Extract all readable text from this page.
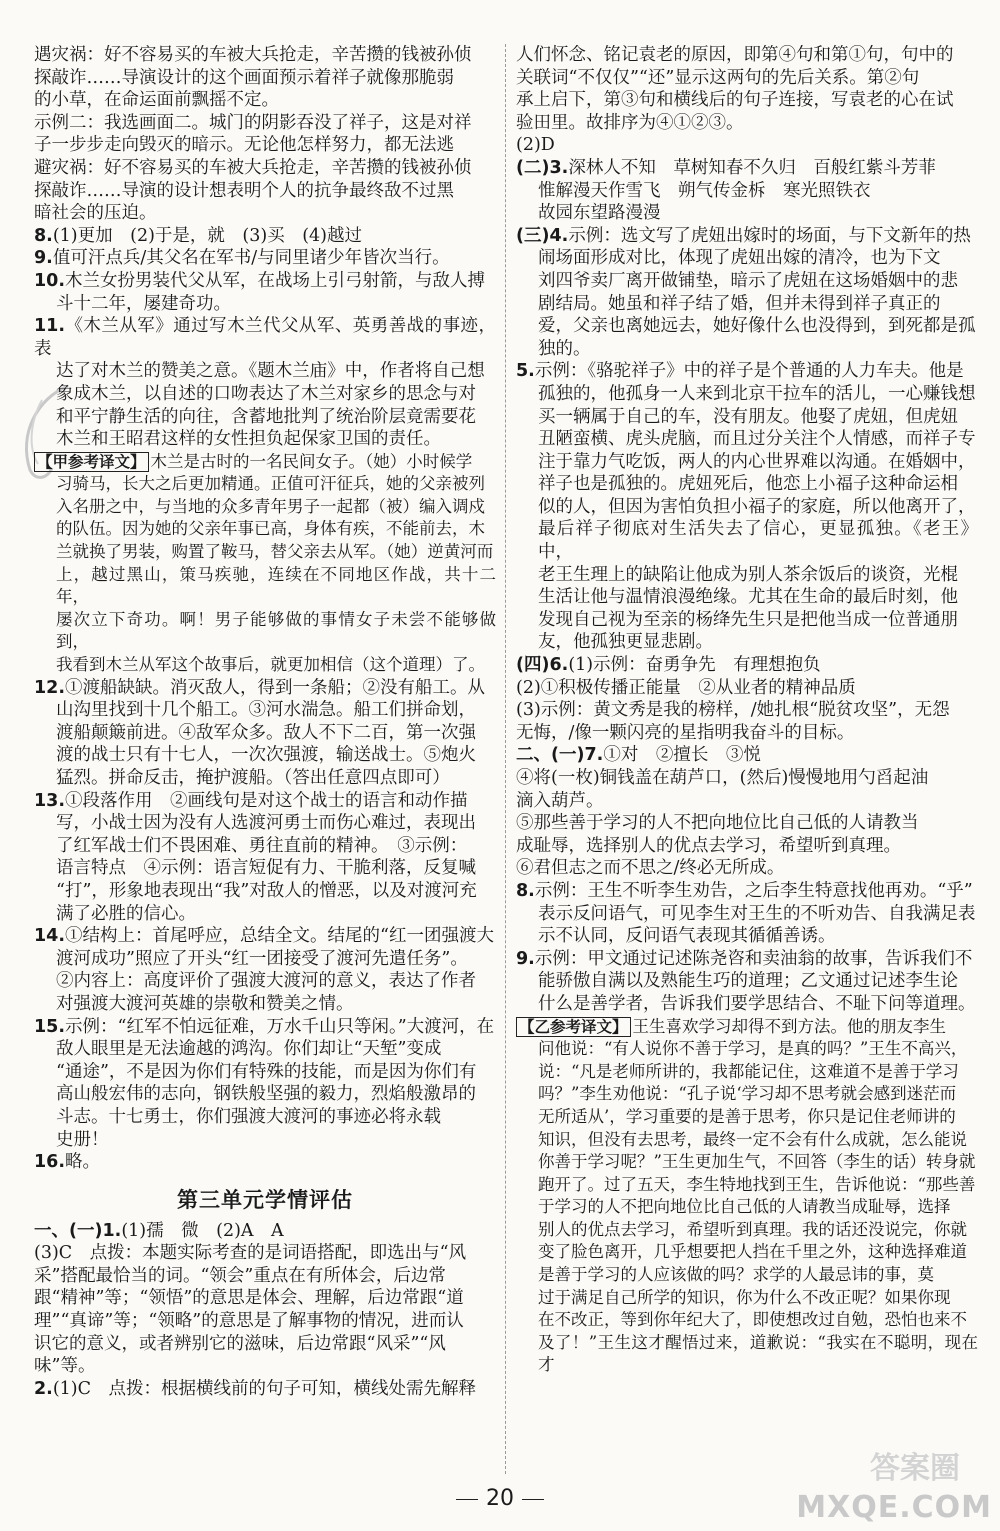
遇灾祸：好不容易买的车被大兵抢走，辛苦攒的钱被孙侦
探敲诈……导演设计的这个画面预示着祥子就像那脆弱
的小草，在命运面前飘摇不定。
示例二：我选画面二。城门的阴影吞没了祥子，这是对祥
子一步步走向毁灭的暗示。无论他怎样努力，都无法逃
避灾祸：好不容易买的车被大兵抢走，辛苦攒的钱被孙侦
探敲诈……导演的设计想表明个人的抗争最终敌不过黑
暗社会的压迫。
8.(1)更加　(2)于是，就　(3)买　(4)越过
9.值可汗点兵/其父名在军书/与同里诸少年皆次当行。
10.木兰女扮男装代父从军，在战场上引弓射箭，与敌人搏
斗十二年，屡建奇功。
11.《木兰从军》通过写木兰代父从军、英勇善战的事迹，表
达了对木兰的赞美之意。《题木兰庙》中，作者将自己想
象成木兰，以自述的口吻表达了木兰对家乡的思念与对
和平宁静生活的向往，含蓄地批判了统治阶层竟需要花
木兰和王昭君这样的女性担负起保家卫国的责任。
【甲参考译文】 木兰是古时的一名民间女子。（她）小时候学
习骑马，长大之后更加精通。正值可汗征兵，她的父亲被列
入名册之中，与当地的众多青年男子一起都（被）编入调戍
的队伍。因为她的父亲年事已高，身体有疾，不能前去，木
兰就换了男装，购置了鞍马，替父亲去从军。（她）逆黄河而
上，越过黑山，策马疾驰，连续在不同地区作战，共十二年，
屡次立下奇功。啊！男子能够做的事情女子未尝不能够做到，
我看到木兰从军这个故事后，就更加相信（这个道理）了。
12.①渡船缺缺。消灭敌人，得到一条船；②没有船工。从
山沟里找到十几个船工。③河水湍急。船工们拼命划，
渡船颠簸前进。④敌军众多。敌人不下二百，第一次强
渡的战士只有十七人，一次次强渡，输送战士。⑤炮火
猛烈。拼命反击，掩护渡船。（答出任意四点即可）
13.①段落作用　②画线句是对这个战士的语言和动作描
写，小战士因为没有人选渡河勇士而伤心难过，表现出
了红军战士们不畏困难、勇往直前的精神。　③示例：
语言特点　④示例：语言短促有力、干脆利落，反复喊
“打”，形象地表现出“我”对敌人的憎恶，以及对渡河充
满了必胜的信心。
14.①结构上：首尾呼应，总结全文。结尾的“红一团强渡大
渡河成功”照应了开头“红一团接受了渡河先遣任务”。
②内容上：高度评价了强渡大渡河的意义，表达了作者
对强渡大渡河英雄的崇敬和赞美之情。
15.示例：“红军不怕远征难，万水千山只等闲。”大渡河，在
敌人眼里是无法逾越的鸿沟。你们却让“天堑”变成
“通途”，不是因为你们有特殊的技能，而是因为你们有
高山般宏伟的志向，钢铁般坚强的毅力，烈焰般激昂的
斗志。十七勇士，你们强渡大渡河的事迹必将永载
史册！
16.略。
第三单元学情评估
一、(一)1.(1)孺　微　(2)A　A
(3)C　点拨：本题实际考查的是词语搭配，即选出与“风
采”搭配最恰当的词。“领会”重点在有所体会，后边常
跟“精神”等；“领悟”的意思是体会、理解，后边常跟“道
理”“真谛”等；“领略”的意思是了解事物的情况，进而认
识它的意义，或者辨别它的滋味，后边常跟“风采”“风
味”等。
2.(1)C　点拨：根据横线前的句子可知，横线处需先解释
人们怀念、铭记袁老的原因，即第④句和第①句，句中的
关联词“不仅仅”“还”显示这两句的先后关系。第②句
承上启下，第③句和横线后的句子连接，写袁老的心在试
验田里。故排序为④①②③。
(2)D
(二)3.深林人不知　草树知春不久归　百般红紫斗芳菲
惟解漫天作雪飞　朔气传金柝　寒光照铁衣
故园东望路漫漫
(三)4.示例：选文写了虎妞出嫁时的场面，与下文新年的热
闹场面形成对比，体现了虎妞出嫁的清冷，也为下文
刘四爷卖厂离开做铺垫，暗示了虎妞在这场婚姻中的悲
剧结局。她虽和祥子结了婚，但并未得到祥子真正的
爱，父亲也离她远去，她好像什么也没得到，到死都是孤
独的。
5.示例：《骆驼祥子》中的祥子是个普通的人力车夫。他是
孤独的，他孤身一人来到北京干拉车的活儿，一心赚钱想
买一辆属于自己的车，没有朋友。他娶了虎妞，但虎妞
丑陋蛮横、虎头虎脑，而且过分关注个人情感，而祥子专
注于靠力气吃饭，两人的内心世界难以沟通。在婚姻中，
祥子也是孤独的。虎妞死后，他恋上小福子这种命运相
似的人，但因为害怕负担小福子的家庭，所以他离开了，
最后祥子彻底对生活失去了信心，更显孤独。《老王》中，
老王生理上的缺陷让他成为别人茶余饭后的谈资，光棍
生活让他与温情浪漫绝缘。尤其在生命的最后时刻，他
发现自己视为至亲的杨绛先生只是把他当成一位普通朋
友，他孤独更显悲剧。
(四)6.(1)示例：奋勇争先　有理想抱负
(2)①积极传播正能量　②从业者的精神品质
(3)示例：黄文秀是我的榜样，/她扎根“脱贫攻坚”，无怨
无悔，/像一颗闪亮的星指明我奋斗的目标。
二、(一)7.①对　②擅长　③悦
④将(一枚)铜钱盖在葫芦口，(然后)慢慢地用勺舀起油
滴入葫芦。
⑤那些善于学习的人不把向地位比自己低的人请教当
成耻辱，选择别人的优点去学习，希望听到真理。
⑥君但志之而不思之/终必无所成。
8.示例：王生不听李生劝告，之后李生特意找他再劝。“乎”
表示反问语气，可见李生对王生的不听劝告、自我满足表
示不认同，反问语气表现其循循善诱。
9.示例：甲文通过记述陈尧咨和卖油翁的故事，告诉我们不
能骄傲自满以及熟能生巧的道理；乙文通过记述李生论
什么是善学者，告诉我们要学思结合、不耻下问等道理。
【乙参考译文】 王生喜欢学习却得不到方法。他的朋友李生
问他说：“有人说你不善于学习，是真的吗？”王生不高兴，
说：“凡是老师所讲的，我都能记住，这难道不是善于学习
吗？”李生劝他说：“孔子说‘学习却不思考就会感到迷茫而
无所适从’，学习重要的是善于思考，你只是记住老师讲的
知识，但没有去思考，最终一定不会有什么成就，怎么能说
你善于学习呢？”王生更加生气，不回答（李生的话）转身就
跑开了。过了五天，李生特地找到王生，告诉他说：“那些善
于学习的人不把向地位比自己低的人请教当成耻辱，选择
别人的优点去学习，希望听到真理。我的话还没说完，你就
变了脸色离开，几乎想要把人挡在千里之外，这种选择难道
是善于学习的人应该做的吗？求学的人最忌讳的事，莫
过于满足自己所学的知识，你为什么不改正呢？如果你现
在不改正，等到你年纪大了，即使想改过自勉，恐怕也来不
及了！”王生这才醒悟过来，道歉说：“我实在不聪明，现在才
20
答案圈
MXQE.COM
